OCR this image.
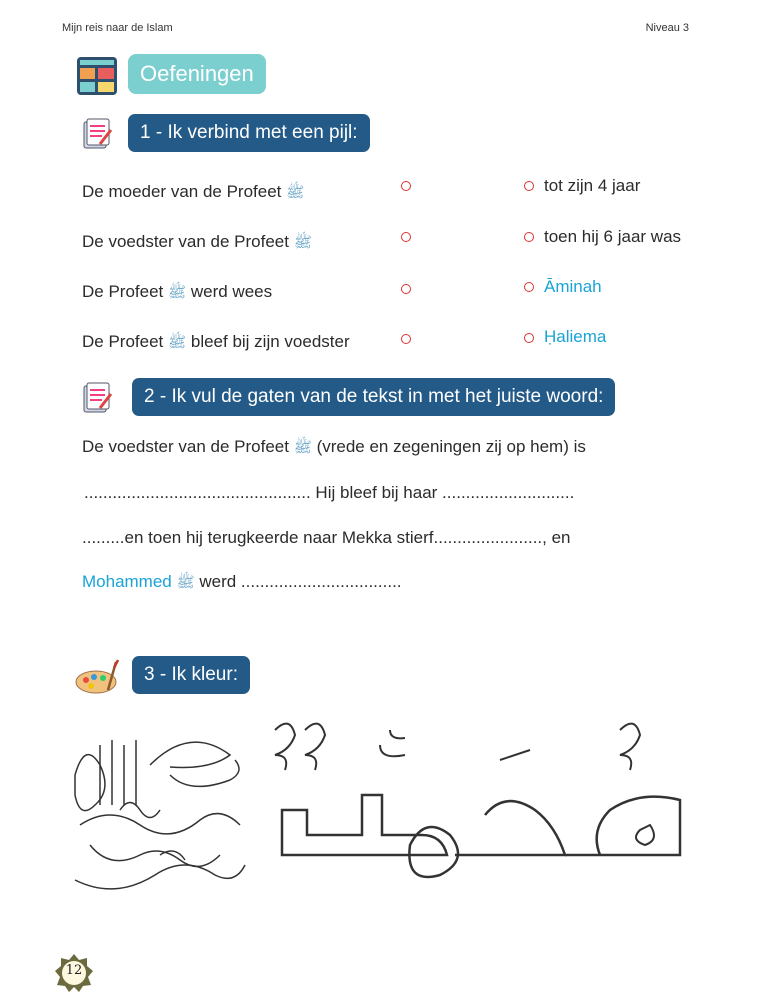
Mijn reis naar de Islam	Niveau 3
Oefeningen
1 - Ik verbind met een pijl:
De moeder van de Profeet ﷺ
De voedster van de Profeet ﷺ
De Profeet ﷺ werd wees
De Profeet ﷺ bleef bij zijn voedster
tot zijn 4 jaar
toen hij 6 jaar was
Āminah
Ḥaliema
2 - Ik vul de gaten van de tekst in met het juiste woord:
De voedster van de Profeet ﷺ (vrede en zegeningen zij op hem) is
................................................ Hij bleef bij haar ............................
.........en toen hij terugkeerde naar Mekka stierf......................., en
Mohammed ﷺ werd ..................................
3 - Ik kleur:
12
